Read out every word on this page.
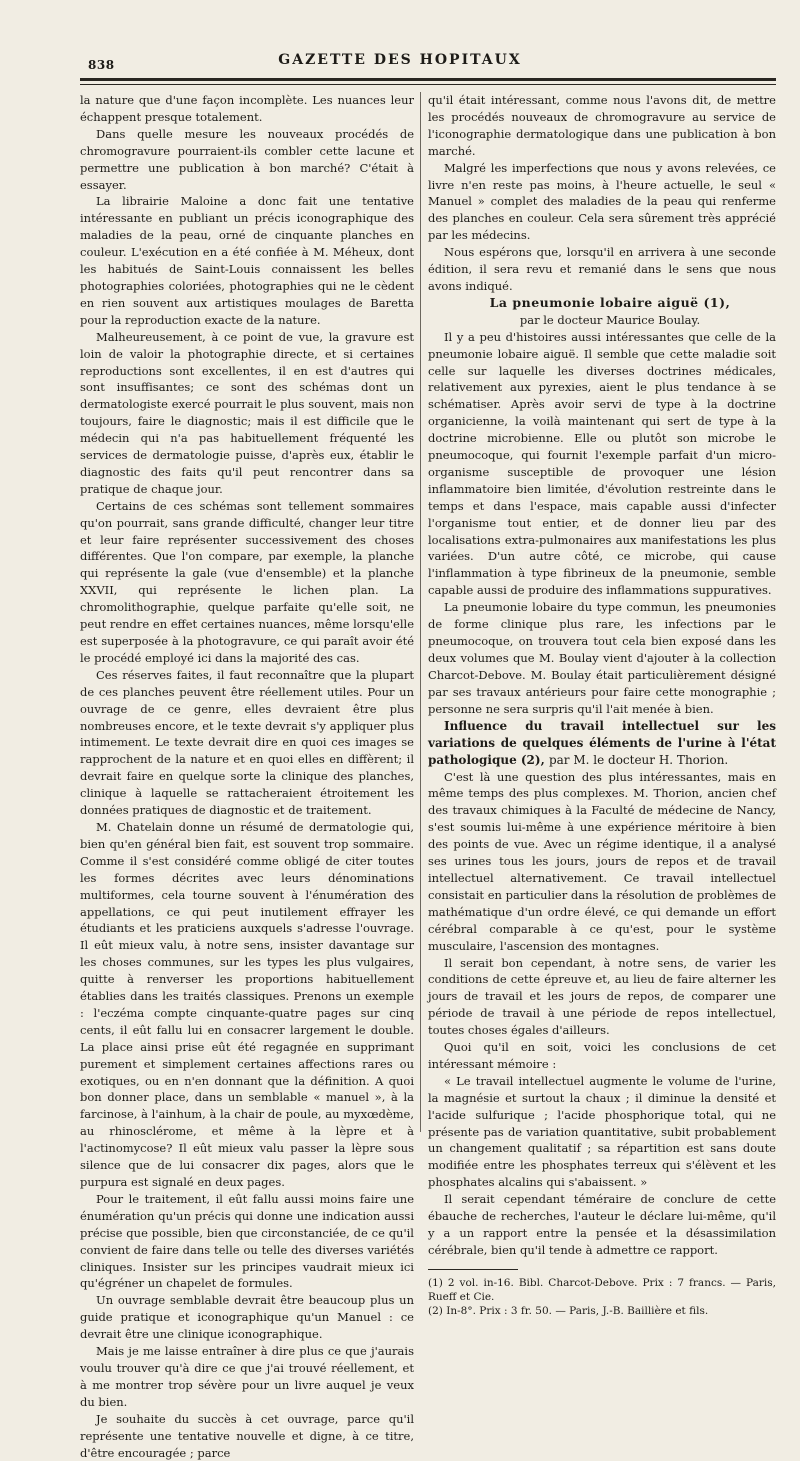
838	GAZETTE DES HOPITAUX

la nature que d'une façon incomplète. Les nuances leur échappent presque totalement.

Dans quelle mesure les nouveaux procédés de chromogravure pourraient-ils combler cette lacune et permettre une publication à bon marché? C'était à essayer.

La librairie Maloine a donc fait une tentative intéressante en publiant un précis iconographique des maladies de la peau, orné de cinquante planches en couleur. L'exécution en a été confiée à M. Méheux, dont les habitués de Saint-Louis connaissent les belles photographies coloriées, photographies qui ne le cèdent en rien souvent aux artistiques moulages de Baretta pour la reproduction exacte de la nature.

Malheureusement, à ce point de vue, la gravure est loin de valoir la photographie directe, et si certaines reproductions sont excellentes, il en est d'autres qui sont insuffisantes; ce sont des schémas dont un dermatologiste exercé pourrait le plus souvent, mais non toujours, faire le diagnostic; mais il est difficile que le médecin qui n'a pas habituellement fréquenté les services de dermatologie puisse, d'après eux, établir le diagnostic des faits qu'il peut rencontrer dans sa pratique de chaque jour.

Certains de ces schémas sont tellement sommaires qu'on pourrait, sans grande difficulté, changer leur titre et leur faire représenter successivement des choses différentes. Que l'on compare, par exemple, la planche qui représente la gale (vue d'ensemble) et la planche XXVII, qui représente le lichen plan. La chromolithographie, quelque parfaite qu'elle soit, ne peut rendre en effet certaines nuances, même lorsqu'elle est superposée à la photogravure, ce qui paraît avoir été le procédé employé ici dans la majorité des cas.

Ces réserves faites, il faut reconnaître que la plupart de ces planches peuvent être réellement utiles. Pour un ouvrage de ce genre, elles devraient être plus nombreuses encore, et le texte devrait s'y appliquer plus intimement. Le texte devrait dire en quoi ces images se rapprochent de la nature et en quoi elles en diffèrent; il devrait faire en quelque sorte la clinique des planches, clinique à laquelle se rattacheraient étroitement les données pratiques de diagnostic et de traitement.

M. Chatelain donne un résumé de dermatologie qui, bien qu'en général bien fait, est souvent trop sommaire. Comme il s'est considéré comme obligé de citer toutes les formes décrites avec leurs dénominations multiformes, cela tourne souvent à l'énumération des appellations, ce qui peut inutilement effrayer les étudiants et les praticiens auxquels s'adresse l'ouvrage. Il eût mieux valu, à notre sens, insister davantage sur les choses communes, sur les types les plus vulgaires, quitte à renverser les proportions habituellement établies dans les traités classiques. Prenons un exemple : l'eczéma compte cinquante-quatre pages sur cinq cents, il eût fallu lui en consacrer largement le double. La place ainsi prise eût été regagnée en supprimant purement et simplement certaines affections rares ou exotiques, ou en n'en donnant que la définition. A quoi bon donner place, dans un semblable « manuel », à la farcinose, à l'ainhum, à la chair de poule, au myxœdème, au rhinosclérome, et même à la lèpre et à l'actinomycose? Il eût mieux valu passer la lèpre sous silence que de lui consacrer dix pages, alors que le purpura est signalé en deux pages.

Pour le traitement, il eût fallu aussi moins faire une énumération qu'un précis qui donne une indication aussi précise que possible, bien que circonstanciée, de ce qu'il convient de faire dans telle ou telle des diverses variétés cliniques. Insister sur les principes vaudrait mieux ici qu'égréner un chapelet de formules.

Un ouvrage semblable devrait être beaucoup plus un guide pratique et iconographique qu'un Manuel : ce devrait être une clinique iconographique.

Mais je me laisse entraîner à dire plus ce que j'aurais voulu trouver qu'à dire ce que j'ai trouvé réellement, et à me montrer trop sévère pour un livre auquel je veux du bien.

Je souhaite du succès à cet ouvrage, parce qu'il représente une tentative nouvelle et digne, à ce titre, d'être encouragée ; parce

qu'il était intéressant, comme nous l'avons dit, de mettre les procédés nouveaux de chromogravure au service de l'iconographie dermatologique dans une publication à bon marché.

Malgré les imperfections que nous y avons relevées, ce livre n'en reste pas moins, à l'heure actuelle, le seul « Manuel » complet des maladies de la peau qui renferme des planches en couleur. Cela sera sûrement très apprécié par les médecins.

Nous espérons que, lorsqu'il en arrivera à une seconde édition, il sera revu et remanié dans le sens que nous avons indiqué.

La pneumonie lobaire aiguë (1),

par le docteur Maurice Boulay.

Il y a peu d'histoires aussi intéressantes que celle de la pneumonie lobaire aiguë. Il semble que cette maladie soit celle sur laquelle les diverses doctrines médicales, relativement aux pyrexies, aient le plus tendance à se schématiser. Après avoir servi de type à la doctrine organicienne, la voilà maintenant qui sert de type à la doctrine microbienne. Elle ou plutôt son microbe le pneumocoque, qui fournit l'exemple parfait d'un micro-organisme susceptible de provoquer une lésion inflammatoire bien limitée, d'évolution restreinte dans le temps et dans l'espace, mais capable aussi d'infecter l'organisme tout entier, et de donner lieu par des localisations extra-pulmonaires aux manifestations les plus variées. D'un autre côté, ce microbe, qui cause l'inflammation à type fibrineux de la pneumonie, semble capable aussi de produire des inflammations suppuratives.

La pneumonie lobaire du type commun, les pneumonies de forme clinique plus rare, les infections par le pneumocoque, on trouvera tout cela bien exposé dans les deux volumes que M. Boulay vient d'ajouter à la collection Charcot-Debove. M. Boulay était particulièrement désigné par ses travaux antérieurs pour faire cette monographie ; personne ne sera surpris qu'il l'ait menée à bien.

Influence du travail intellectuel sur les variations de quelques éléments de l'urine à l'état pathologique (2), par M. le docteur H. Thorion.

C'est là une question des plus intéressantes, mais en même temps des plus complexes. M. Thorion, ancien chef des travaux chimiques à la Faculté de médecine de Nancy, s'est soumis lui-même à une expérience méritoire à bien des points de vue. Avec un régime identique, il a analysé ses urines tous les jours, jours de repos et de travail intellectuel alternativement. Ce travail intellectuel consistait en particulier dans la résolution de problèmes de mathématique d'un ordre élevé, ce qui demande un effort cérébral comparable à ce qu'est, pour le système musculaire, l'ascension des montagnes.

Il serait bon cependant, à notre sens, de varier les conditions de cette épreuve et, au lieu de faire alterner les jours de travail et les jours de repos, de comparer une période de travail à une période de repos intellectuel, toutes choses égales d'ailleurs.

Quoi qu'il en soit, voici les conclusions de cet intéressant mémoire :

« Le travail intellectuel augmente le volume de l'urine, la magnésie et surtout la chaux ; il diminue la densité et l'acide sulfurique ; l'acide phosphorique total, qui ne présente pas de variation quantitative, subit probablement un changement qualitatif ; sa répartition est sans doute modifiée entre les phosphates terreux qui s'élèvent et les phosphates alcalins qui s'abaissent. »

Il serait cependant téméraire de conclure de cette ébauche de recherches, l'auteur le déclare lui-même, qu'il y a un rapport entre la pensée et la désassimilation cérébrale, bien qu'il tende à admettre ce rapport.

(1) 2 vol. in-16. Bibl. Charcot-Debove. Prix : 7 francs. — Paris, Rueff et Cie.

(2) In-8°. Prix : 3 fr. 50. — Paris, J.-B. Baillière et fils.
